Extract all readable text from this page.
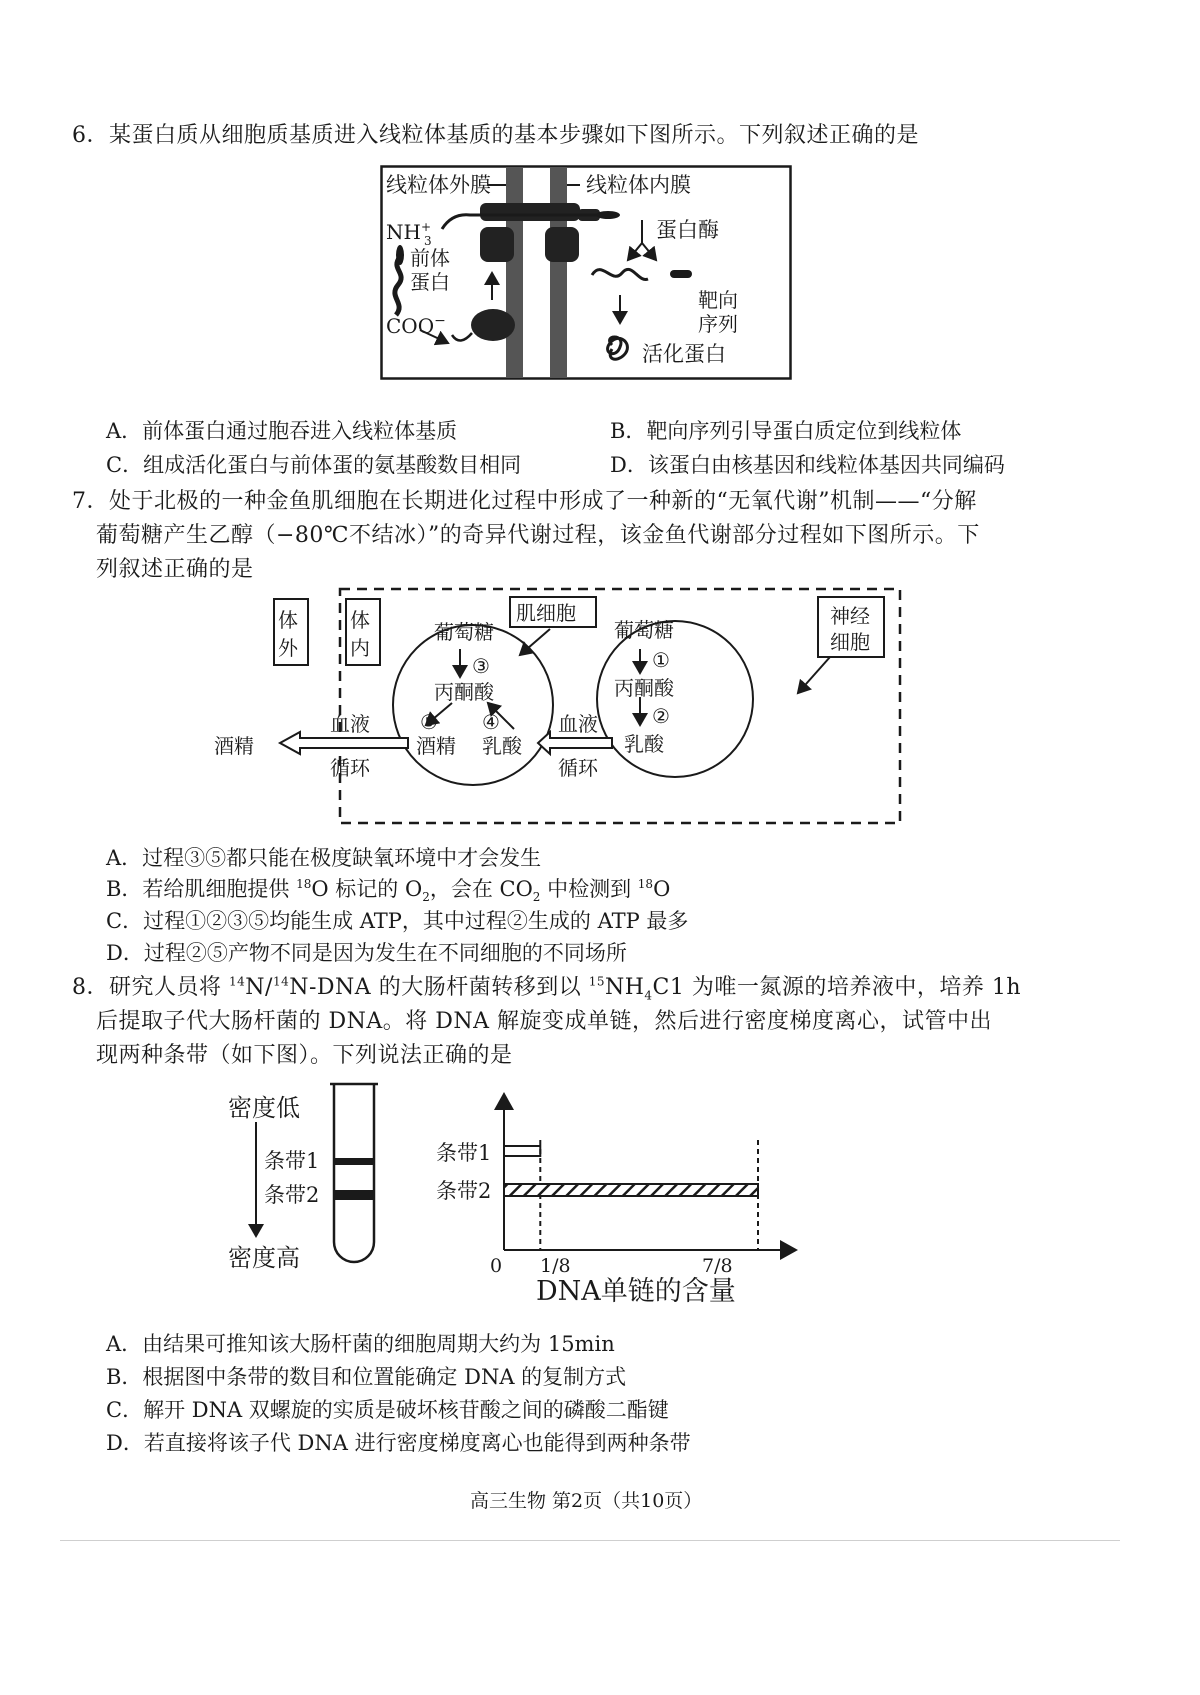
6．某蛋白质从细胞质基质进入线粒体基质的基本步骤如下图所示。下列叙述正确的是
线粒体外膜	线粒体内膜
NH+ 3
前体
蛋白
COO−
蛋白酶
靶向
序列
活化蛋白
A．前体蛋白通过胞吞进入线粒体基质	B．靶向序列引导蛋白质定位到线粒体
C．组成活化蛋白与前体蛋的氨基酸数目相同	D．该蛋白由核基因和线粒体基因共同编码
7．处于北极的一种金鱼肌细胞在长期进化过程中形成了一种新的“无氧代谢”机制——“分解
葡萄糖产生乙醇（−80℃不结冰）”的奇异代谢过程，该金鱼代谢部分过程如下图所示。下
列叙述正确的是
体
外
体
内
肌细胞	神经
细胞
葡萄糖
③
丙酮酸
⑤ ④
酒精 乳酸
葡萄糖
①
丙酮酸
②
乳酸
酒精
血液
循环
血液
循环
A．过程③⑤都只能在极度缺氧环境中才会发生
B．若给肌细胞提供 $^{18}$O 标记的 $O_2$，会在 $CO_2$ 中检测到 $^{18}$O
C．过程①②③⑤均能生成 ATP，其中过程②生成的 ATP 最多
D．过程②⑤产物不同是因为发生在不同细胞的不同场所
8．研究人员将 $^{14}$N/$^{14}$N-DNA 的大肠杆菌转移到以 $^{15}NH_4C1$ 为唯一氮源的培养液中，培养 1h
后提取子代大肠杆菌的 DNA。将 DNA 解旋变成单链，然后进行密度梯度离心，试管中出
现两种条带（如下图）。下列说法正确的是
密度低
条带1
条带2
密度高
条带1
条带2
0 1/8	7/8
DNA单链的含量
A．由结果可推知该大肠杆菌的细胞周期大约为 15min
B．根据图中条带的数目和位置能确定 DNA 的复制方式
C．解开 DNA 双螺旋的实质是破坏核苷酸之间的磷酸二酯键
D．若直接将该子代 DNA 进行密度梯度离心也能得到两种条带
高三生物 第2页（共10页）
